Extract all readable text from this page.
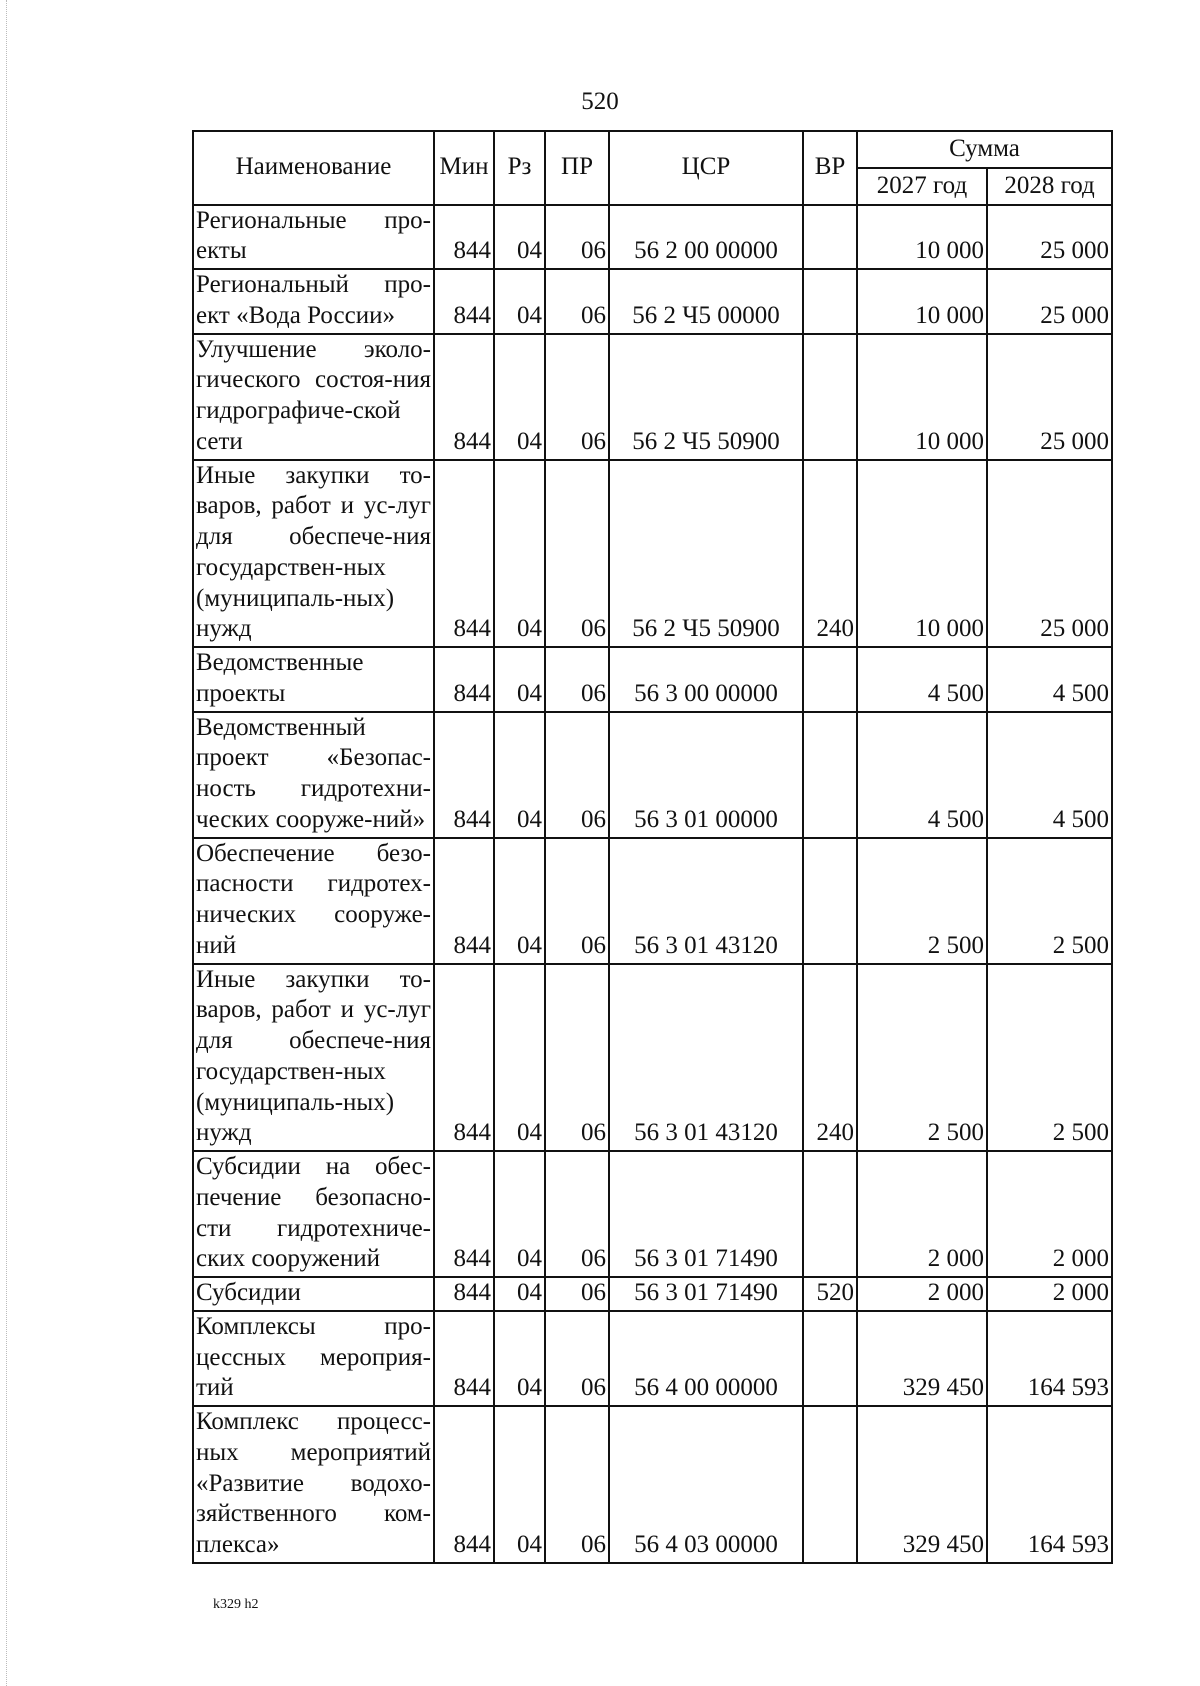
520
Наименование	Мин	Рз	ПР	ЦСР	ВР	Сумма	
						2027 год	2028 год
Региональные про-екты	844	04	06	56 2 00 00000		10 000	25 000
Региональный про-ект «Вода России»	844	04	06	56 2 Ч5 00000		10 000	25 000
Улучшение эколо-гического состоя-ния гидрографиче-ской сети	844	04	06	56 2 Ч5 50900		10 000	25 000
Иные закупки то-варов, работ и ус-луг для обеспече-ния государствен-ных (муниципаль-ных) нужд	844	04	06	56 2 Ч5 50900	240	10 000	25 000
Ведомственные проекты	844	04	06	56 3 00 00000		4 500	4 500
Ведомственный проект «Безопас-ность гидротехни-ческих сооруже-ний»	844	04	06	56 3 01 00000		4 500	4 500
Обеспечение безо-пасности гидротех-нических сооруже-ний	844	04	06	56 3 01 43120		2 500	2 500
Иные закупки то-варов, работ и ус-луг для обеспече-ния государствен-ных (муниципаль-ных) нужд	844	04	06	56 3 01 43120	240	2 500	2 500
Субсидии на обес-печение безопасно-сти гидротехниче-ских сооружений	844	04	06	56 3 01 71490		2 000	2 000
Субсидии	844	04	06	56 3 01 71490	520	2 000	2 000
Комплексы про-цессных мероприя-тий	844	04	06	56 4 00 00000		329 450	164 593
Комплекс процесс-ных мероприятий «Развитие водохо-зяйственного ком-плекса»	844	04	06	56 4 03 00000		329 450	164 593
k329 h2
